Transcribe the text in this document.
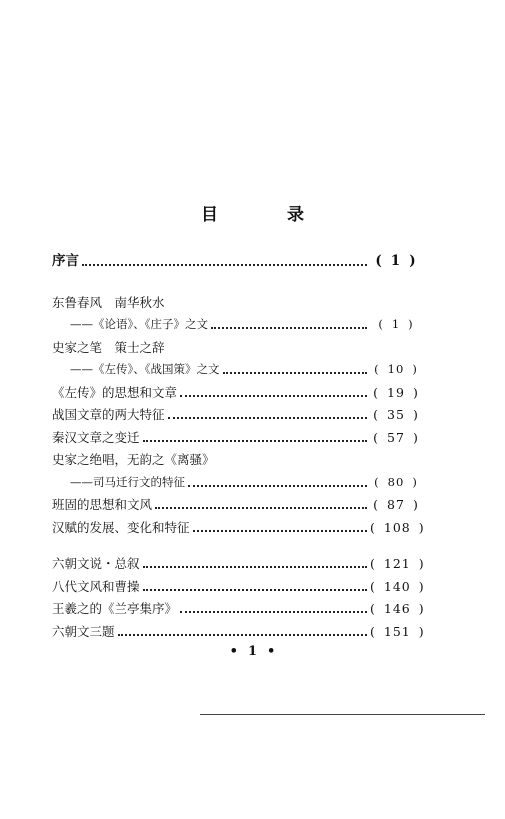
目　录
序言	( 1 )
东鲁春风　南华秋水
——《论语》、《庄子》之文	( 1 )
史家之笔　策士之辞
——《左传》、《战国策》之文	( 10 )
《左传》的思想和文章	( 19 )
战国文章的两大特征	( 35 )
秦汉文章之变迁	( 57 )
史家之绝唱，无韵之《离骚》
——司马迁行文的特征	( 80 )
班固的思想和文风	( 87 )
汉赋的发展、变化和特征	( 108 )
六朝文说・总叙	( 121 )
八代文风和曹操	( 140 )
王羲之的《兰亭集序》	( 146 )
六朝文三题	( 151 )
• 1 •
